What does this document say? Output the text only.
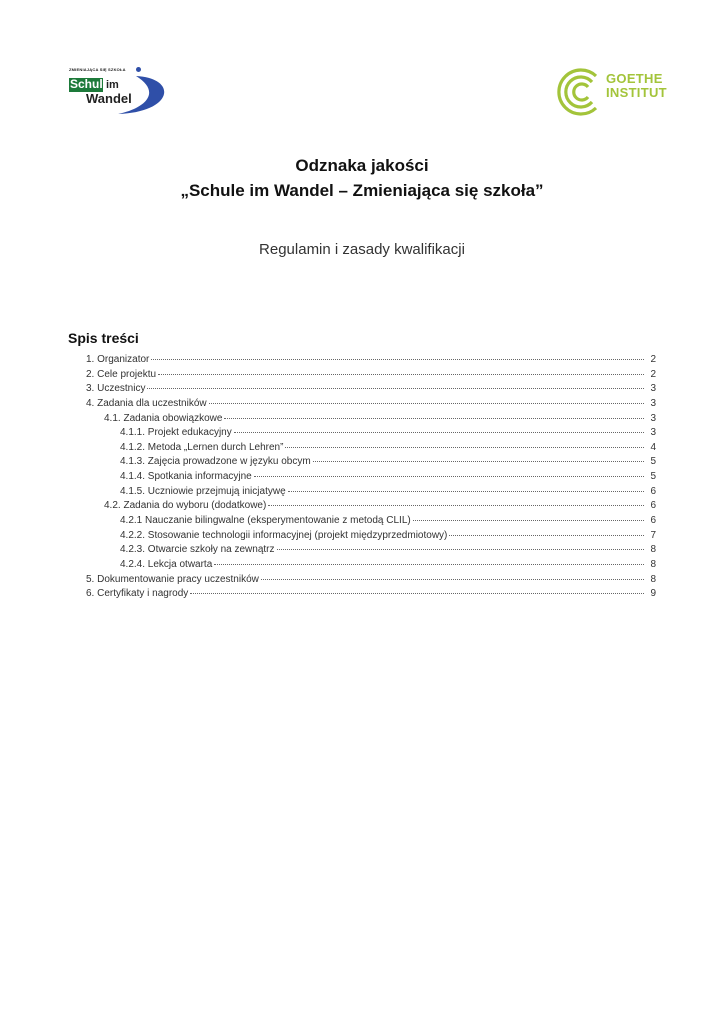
ZMIENIAJĄCA SIĘ SZKOŁA
Schule
im
Wandel
GOETHE
INSTITUT
Odznaka jakości
„Schule im Wandel – Zmieniająca się szkoła”
Regulamin i zasady kwalifikacji
Spis treści
1. Organizator	2
2. Cele projektu	2
3. Uczestnicy	3
4. Zadania dla uczestników	3
4.1. Zadania obowiązkowe	3
4.1.1. Projekt edukacyjny	3
4.1.2. Metoda „Lernen durch Lehren”	4
4.1.3. Zajęcia prowadzone w języku obcym	5
4.1.4. Spotkania informacyjne	5
4.1.5. Uczniowie przejmują inicjatywę	6
4.2. Zadania do wyboru (dodatkowe)	6
4.2.1 Nauczanie bilingwalne (eksperymentowanie z metodą CLIL)	6
4.2.2. Stosowanie technologii informacyjnej (projekt międzyprzedmiotowy)	7
4.2.3. Otwarcie szkoły na zewnątrz	8
4.2.4. Lekcja otwarta	8
5. Dokumentowanie pracy uczestników	8
6. Certyfikaty i nagrody	9
